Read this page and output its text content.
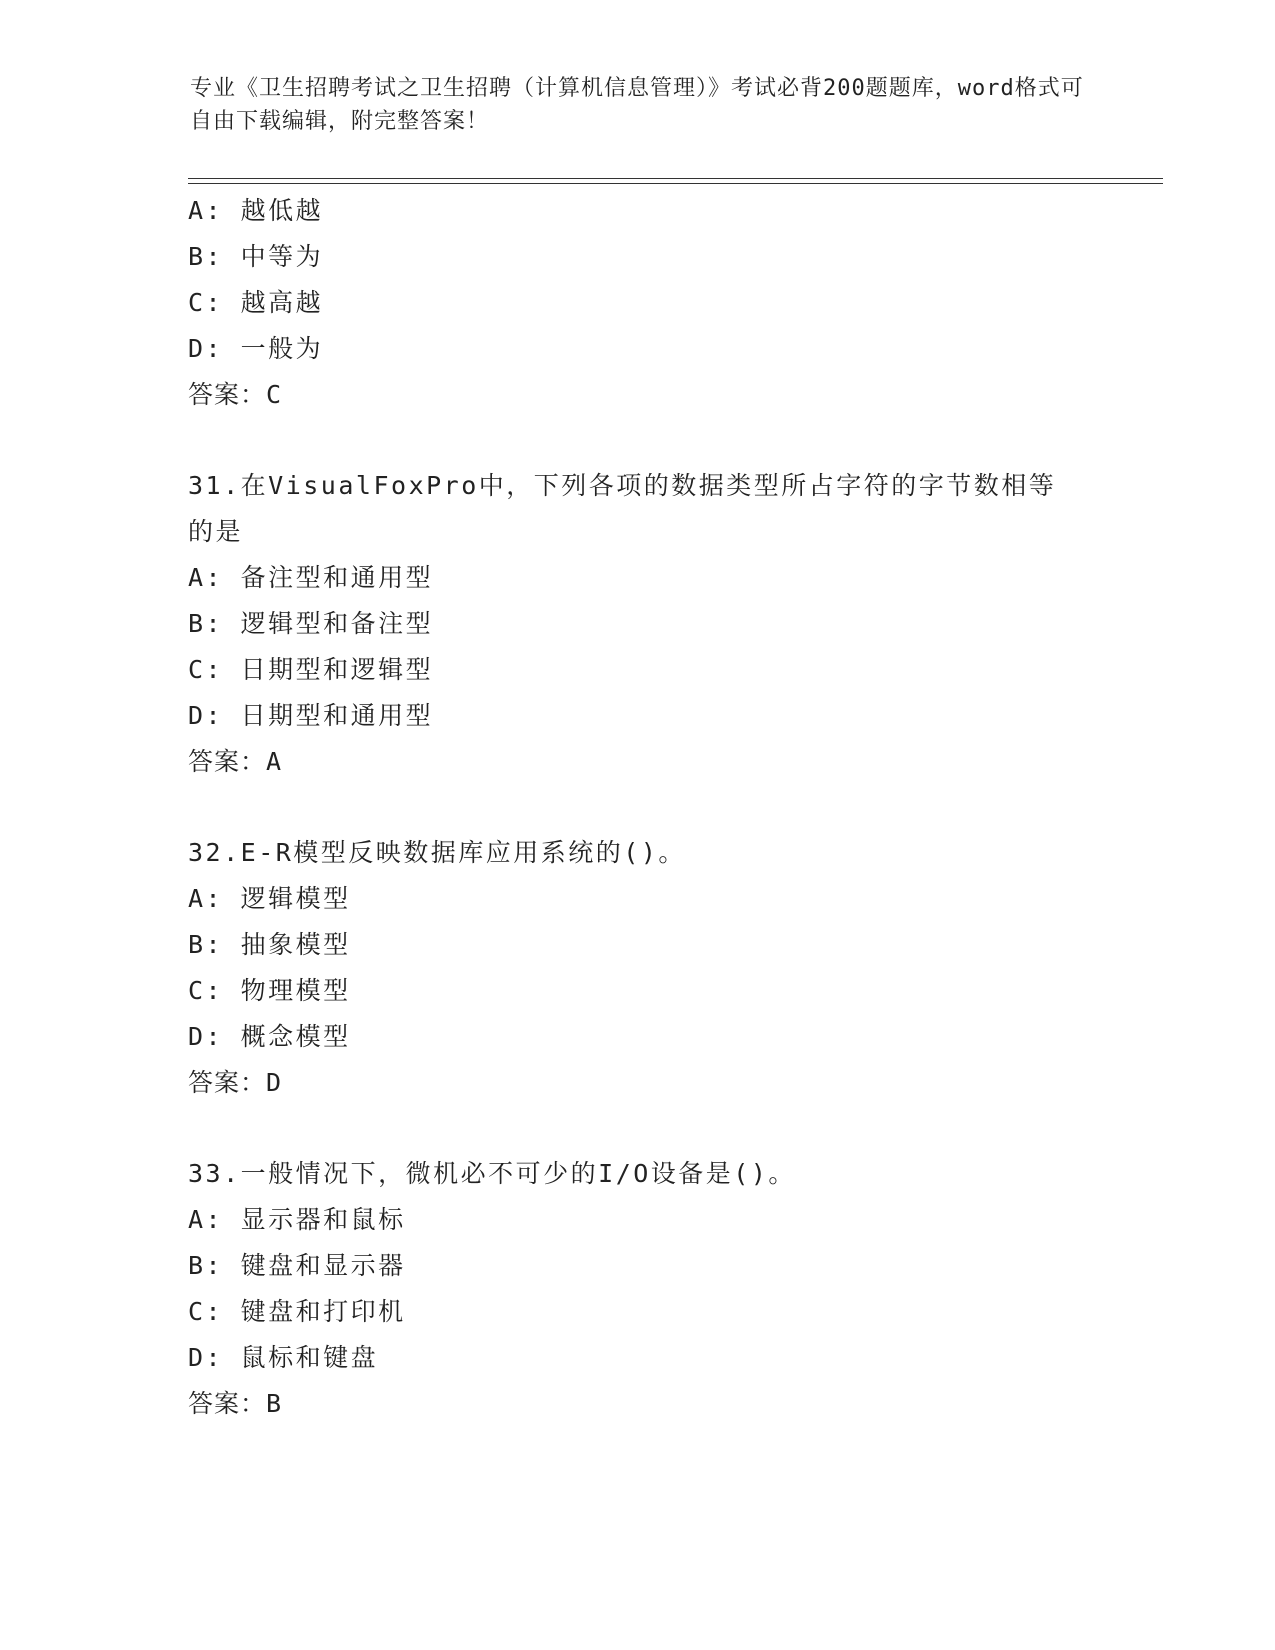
专业《卫生招聘考试之卫生招聘（计算机信息管理）》考试必背200题题库，word格式可自由下载编辑，附完整答案！
A: 越低越
B: 中等为
C: 越高越
D: 一般为
答案：C
31.在VisualFoxPro中，下列各项的数据类型所占字符的字节数相等的是
A: 备注型和通用型
B: 逻辑型和备注型
C: 日期型和逻辑型
D: 日期型和通用型
答案：A
32.E-R模型反映数据库应用系统的()。
A: 逻辑模型
B: 抽象模型
C: 物理模型
D: 概念模型
答案：D
33.一般情况下，微机必不可少的I/O设备是()。
A: 显示器和鼠标
B: 键盘和显示器
C: 键盘和打印机
D: 鼠标和键盘
答案：B
